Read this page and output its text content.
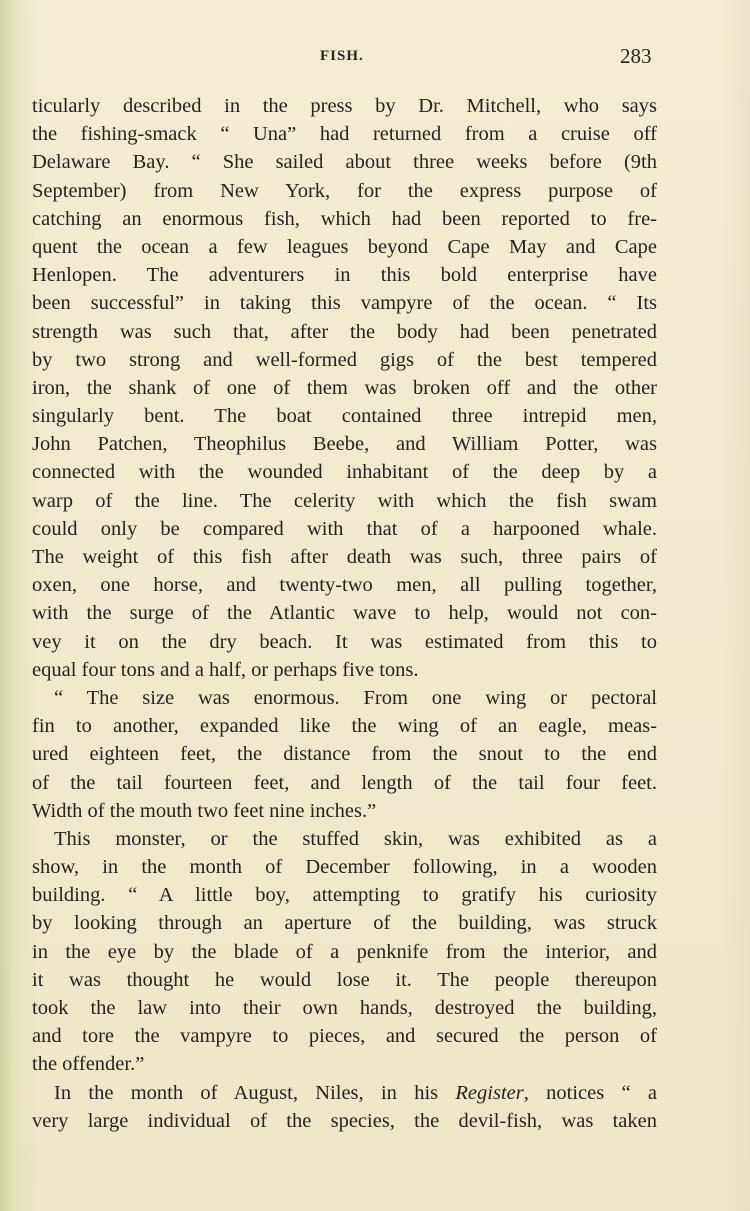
FISH.	283
ticularly described in the press by Dr. Mitchell, who says
the fishing-smack “ Una” had returned from a cruise off
Delaware Bay. “ She sailed about three weeks before (9th
September) from New York, for the express purpose of
catching an enormous fish, which had been reported to fre-
quent the ocean a few leagues beyond Cape May and Cape
Henlopen. The adventurers in this bold enterprise have
been successful” in taking this vampyre of the ocean. “ Its
strength was such that, after the body had been penetrated
by two strong and well-formed gigs of the best tempered
iron, the shank of one of them was broken off and the other
singularly bent. The boat contained three intrepid men,
John Patchen, Theophilus Beebe, and William Potter, was
connected with the wounded inhabitant of the deep by a
warp of the line. The celerity with which the fish swam
could only be compared with that of a harpooned whale.
The weight of this fish after death was such, three pairs of
oxen, one horse, and twenty-two men, all pulling together,
with the surge of the Atlantic wave to help, would not con-
vey it on the dry beach. It was estimated from this to
equal four tons and a half, or perhaps five tons.
“ The size was enormous. From one wing or pectoral
fin to another, expanded like the wing of an eagle, meas-
ured eighteen feet, the distance from the snout to the end
of the tail fourteen feet, and length of the tail four feet.
Width of the mouth two feet nine inches.”
This monster, or the stuffed skin, was exhibited as a
show, in the month of December following, in a wooden
building. “ A little boy, attempting to gratify his curiosity
by looking through an aperture of the building, was struck
in the eye by the blade of a penknife from the interior, and
it was thought he would lose it. The people thereupon
took the law into their own hands, destroyed the building,
and tore the vampyre to pieces, and secured the person of
the offender.”
In the month of August, Niles, in his Register, notices “ a
very large individual of the species, the devil-fish, was taken
